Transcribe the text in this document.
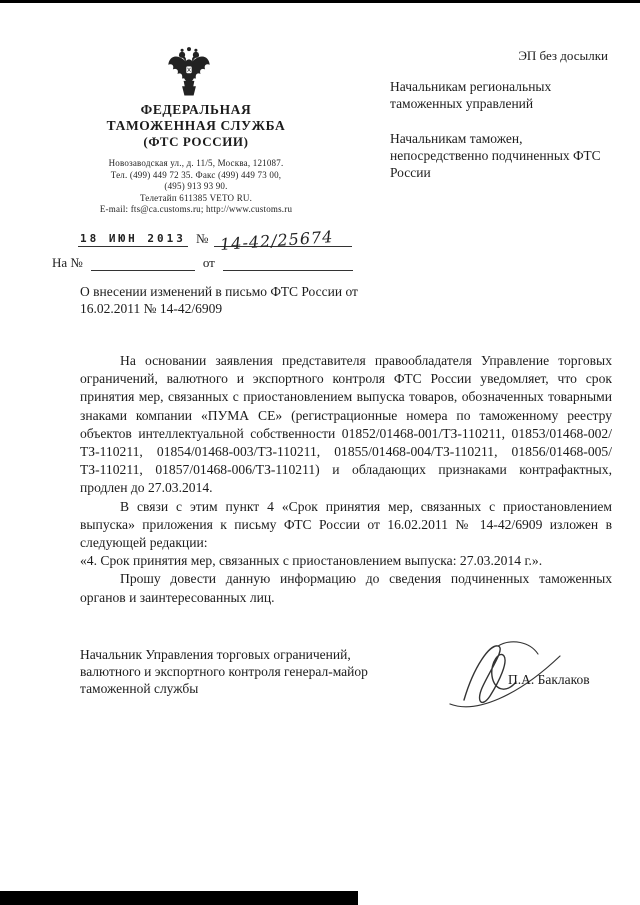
ЭП без досылки
ФЕДЕРАЛЬНАЯ
ТАМОЖЕННАЯ СЛУЖБА
(ФТС РОССИИ)
Новозаводская ул., д. 11/5, Москва, 121087.
Тел. (499) 449 72 35. Факс (499) 449 73 00,
(495) 913 93 90.
Телетайп 611385 VETO RU.
E-mail: fts@ca.customs.ru; http://www.customs.ru
18 ИЮН 2013 № 14-42/25674
На №	от
Начальникам региональных таможенных управлений
Начальникам таможен, непосредственно подчиненных ФТС России
О внесении изменений в письмо ФТС России от 16.02.2011 № 14-42/6909

На основании заявления представителя правообладателя Управление торговых ограничений, валютного и экспортного контроля ФТС России уведомляет, что срок принятия мер, связанных с приостановлением выпуска товаров, обозначенных товарными знаками компании «ПУМА СЕ» (регистрационные номера по таможенному реестру объектов интеллектуальной собственности 01852/01468-001/ТЗ-110211, 01853/01468-002/ТЗ-110211, 01854/01468-003/ТЗ-110211, 01855/01468-004/ТЗ-110211, 01856/01468-005/ТЗ-110211, 01857/01468-006/ТЗ-110211) и обладающих признаками контрафактных, продлен до 27.03.2014.

В связи с этим пункт 4 «Срок принятия мер, связанных с приостановлением выпуска» приложения к письму ФТС России от 16.02.2011 № 14-42/6909 изложен в следующей редакции:

«4. Срок принятия мер, связанных с приостановлением выпуска: 27.03.2014 г.».

Прошу довести данную информацию до сведения подчиненных таможенных органов и заинтересованных лиц.

Начальник Управления торговых ограничений, валютного и экспортного контроля генерал-майор таможенной службы
П.А. Баклаков
